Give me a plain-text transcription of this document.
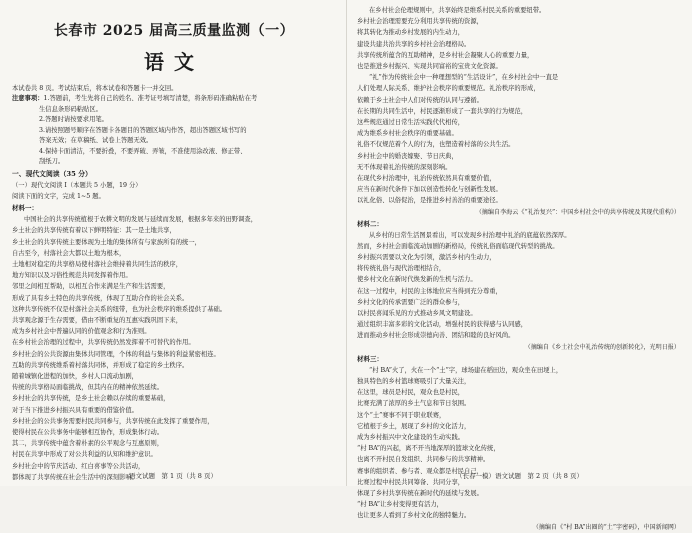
长春市 2025 届高三质量监测（一）
语文
本试卷共 8 页。考试结束后，将本试卷和答题卡一并交回。
注意事项：1.答题前，考生先将自己的姓名、准考证号填写清楚，将条形码准确粘贴在考
生信息条形码粘贴区。
2.答题时请按要求用笔。
3.请按照题号顺序在答题卡各题目的答题区域内作答，超出答题区域书写的
答案无效；在草稿纸、试卷上答题无效。
4.保持卡面清洁，不要折叠，不要弄破、弄皱，不准使用涂改液、修正带、
刮纸刀。
一、现代文阅读（35 分）
（一）现代文阅读 I（本题共 5 小题，19 分）
阅读下面的文字，完成 1~5 题。
材料一：
中国社会的共享传统植根于农耕文明的发展与延续而发展，根据多年来的田野调查，
乡土社会的共享传统有着以下鲜明特征：其一是土地共享，
乡土社会的共享传统主要体现为土地的集体所有与家族所有的统一，
自古至今，村落社会大都以土地为根本，
土地相对稳定的共享格局使村落社会维持着共同生活的秩序，
地方知识以及习俗性规范共同发挥着作用。
邻里之间相互帮助，以相互合作来满足生产和生活需要，
形成了具有乡土特色的共享传统，体现了互助合作的社会关系。
这种共享传统不仅是村落社会关系的纽带，也为社会秩序的维系提供了基础。
共享观念源于生存需要，借由不断重复的互惠实践巩固下来，
成为乡村社会中普遍认同的价值观念和行为准则。
在乡村社会治理的过程中，共享传统仍然发挥着不可替代的作用。
乡村社会的公共资源由集体共同管理，个体的利益与集体的利益紧密相连。
互助的共享传统维系着村落共同体，并形成了稳定的乡土秩序。
随着城镇化进程的加快，乡村人口流动加剧，
传统的共享格局面临挑战，但其内在的精神依然延续。
乡村社会的共享传统，是乡土社会赖以存续的重要基础，
对于当下推进乡村振兴具有重要的借鉴价值。
乡村社会的公共事务需要村民共同参与，共享传统在此发挥了重要作用，
使得村民在公共事务中能够相互协作，形成集体行动。
其二，共享传统中蕴含着朴素的公平观念与互惠原则，
村民在共享中形成了对公共利益的认知和维护意识。
乡村社会中的节庆活动、红白喜事等公共活动，
都体现了共享传统在社会生活中的深刻影响。
语文试题　第 1 页（共 8 页）
在乡村社会伦理规则中，共享始终是维系村民关系的重要纽带。
乡村社会治理需要充分利用共享传统的资源，
将其转化为推动乡村发展的内生动力，
建设共建共治共享的乡村社会治理格局。
共享传统所蕴含的互助精神，是乡村社会凝聚人心的重要力量，
也是推进乡村振兴、实现共同富裕的宝贵文化资源。
“礼”作为传统社会中一种理想型的“生活设计”，在乡村社会中一直是
人们处理人际关系、维护社会秩序的重要规范。礼治秩序的形成，
依赖于乡土社会中人们对传统的认同与遵循。
在长期的共同生活中，村民逐渐形成了一套共享的行为规范，
这些规范通过日常生活实践代代相传，
成为维系乡村社会秩序的重要基础。
礼俗不仅规范着个人的行为，也塑造着村落的公共生活。
乡村社会中的婚丧嫁娶、节日庆典，
无不体现着礼治传统的深刻影响。
在现代乡村治理中，礼治传统依然具有重要价值，
应当在新时代条件下加以创造性转化与创新性发展。
以礼化俗、以俗促治，是推进乡村善治的重要途径。
（摘编自李海云《“礼治复兴”：中国乡村社会中的共享传统及其现代重构》）
材料二：
从乡村的日常生活图景看出，可以发现乡村治理中礼治的底蕴依然深厚。
然而，乡村社会面临流动加剧的新格局，传统礼俗面临现代转型的挑战。
乡村振兴需要以文化为引领，激活乡村内生动力，
将传统礼俗与现代治理相结合，
使乡村文化在新时代焕发新的生机与活力。
在这一过程中，村民的主体地位应当得到充分尊重，
乡村文化的传承需要广泛的群众参与，
以村民喜闻乐见的方式推动乡风文明建设。
通过组织丰富多彩的文化活动，增强村民的获得感与认同感，
进而推动乡村社会形成崇德向善、团结和睦的良好风尚。
（摘编自《乡土社会中礼治传统的创新转化》，光明日报）
材料三：
“村 BA”火了，火在一个“土”字，球场建在稻田边，观众坐在田埂上，
独具特色的乡村篮球赛吸引了大量关注，
在这里，球员是村民，观众也是村民，
比赛充满了浓厚的乡土气息和节日氛围。
这个“土”赛事不同于职业联赛，
它植根于乡土，展现了乡村的文化活力，
成为乡村振兴中文化建设的生动实践。
“村 BA”的兴起，离不开当地深厚的篮球文化传统，
也离不开村民自发组织、共同参与的共享精神。
赛事的组织者、参与者、观众都是村民自己，
比赛过程中村民共同筹备、共同分享，
体现了乡村共享传统在新时代的延续与发展。
“村 BA”让乡村变得更有活力，
也让更多人看到了乡村文化的独特魅力。
（摘编自《“村 BA”出圈的“土”字密码》，中国新闻网）
（长春一模）语文试题　第 2 页（共 8 页）
